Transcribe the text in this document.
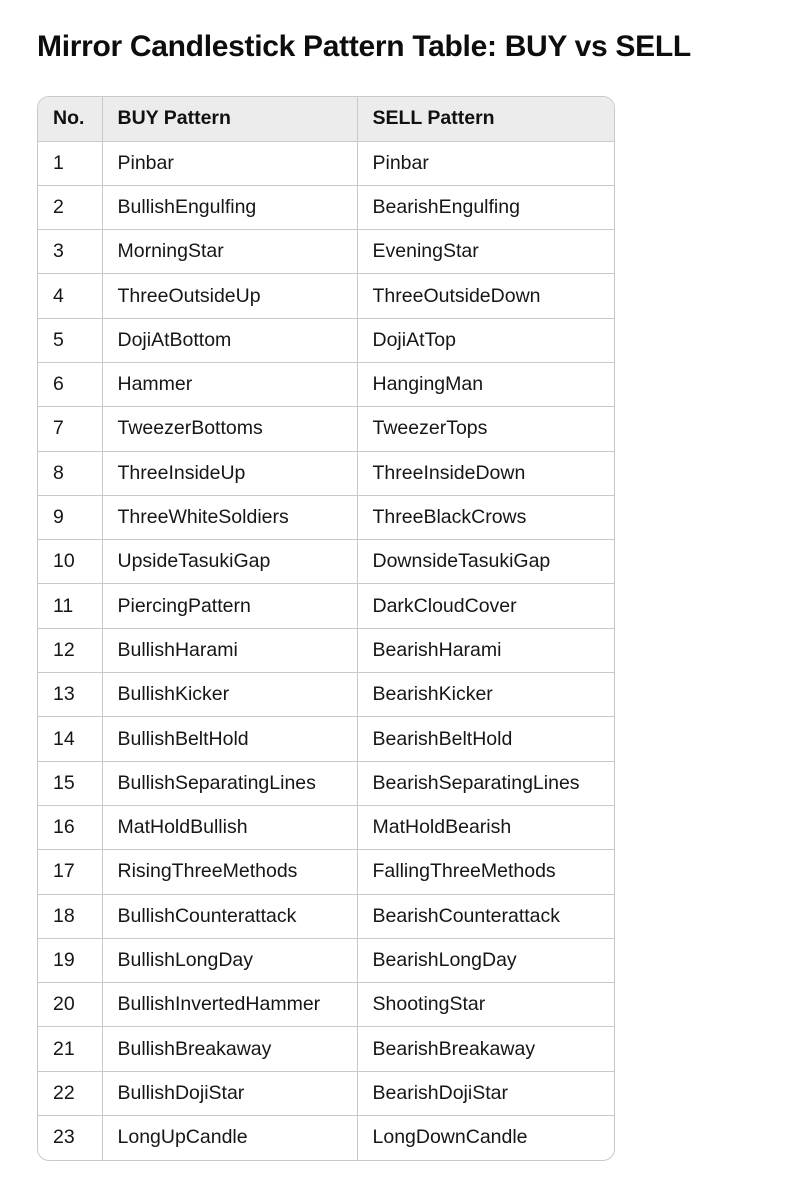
Mirror Candlestick Pattern Table: BUY vs SELL
No.	BUY Pattern	SELL Pattern
1	Pinbar	Pinbar
2	BullishEngulfing	BearishEngulfing
3	MorningStar	EveningStar
4	ThreeOutsideUp	ThreeOutsideDown
5	DojiAtBottom	DojiAtTop
6	Hammer	HangingMan
7	TweezerBottoms	TweezerTops
8	ThreeInsideUp	ThreeInsideDown
9	ThreeWhiteSoldiers	ThreeBlackCrows
10	UpsideTasukiGap	DownsideTasukiGap
11	PiercingPattern	DarkCloudCover
12	BullishHarami	BearishHarami
13	BullishKicker	BearishKicker
14	BullishBeltHold	BearishBeltHold
15	BullishSeparatingLines	BearishSeparatingLines
16	MatHoldBullish	MatHoldBearish
17	RisingThreeMethods	FallingThreeMethods
18	BullishCounterattack	BearishCounterattack
19	BullishLongDay	BearishLongDay
20	BullishInvertedHammer	ShootingStar
21	BullishBreakaway	BearishBreakaway
22	BullishDojiStar	BearishDojiStar
23	LongUpCandle	LongDownCandle
